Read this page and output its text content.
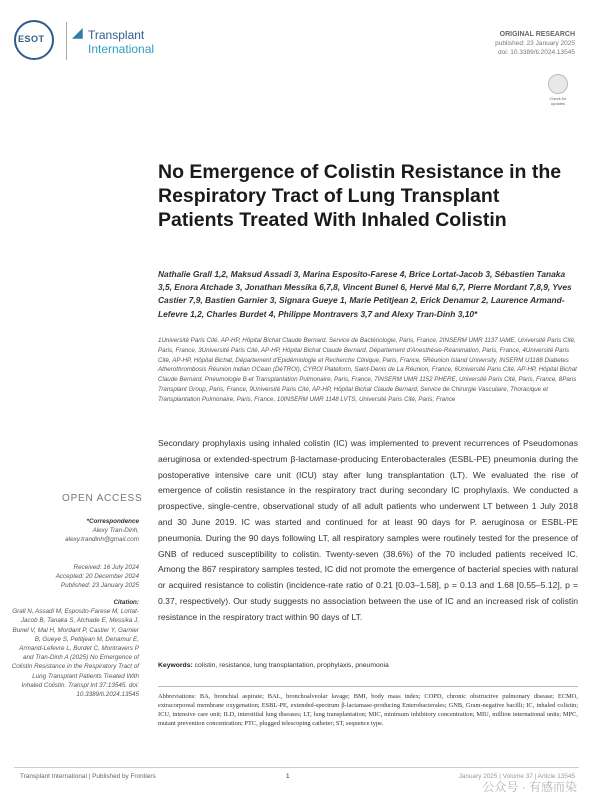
ESOT ◢ Transplant
International
ORIGINAL RESEARCH
published: 23 January 2025
doi: 10.3389/ti.2024.13545
Check for updates
No Emergence of Colistin Resistance in the Respiratory Tract of Lung Transplant Patients Treated With Inhaled Colistin
Nathalie Grall 1,2, Maksud Assadi 3, Marina Esposito-Farese 4, Brice Lortat-Jacob 3, Sébastien Tanaka 3,5, Enora Atchade 3, Jonathan Messika 6,7,8, Vincent Bunel 6, Hervé Mal 6,7, Pierre Mordant 7,8,9, Yves Castier 7,9, Bastien Garnier 3, Signara Gueye 1, Marie Petitjean 2, Erick Denamur 2, Laurence Armand-Lefevre 1,2, Charles Burdet 4, Philippe Montravers 3,7 and Alexy Tran-Dinh 3,10*
1Université Paris Cité, AP-HP, Hôpital Bichat Claude Bernard, Service de Bactériologie, Paris, France, 2INSERM UMR 1137 IAME, Université Paris Cité, Paris, France, 3Université Paris Cité, AP-HP, Hôpital Bichat Claude Bernard, Département d'Anesthésie-Réanimation, Paris, France, 4Université Paris Cité, AP-HP, Hôpital Bichat, Département d'Epidémiologie et Recherche Clinique, Paris, France, 5Réunion Island University, INSERM U1188 Diabetes Atherothrombosis Réunion Indian OCean (DéTROI), CYROI Plateform, Saint-Denis de La Réunion, France, 6Université Paris Cité, AP-HP, Hôpital Bichat Claude Bernard, Pneumologie B et Transplantation Pulmonaire, Paris, France, 7INSERM UMR 1152 PHERE, Université Paris Cité, Paris, France, 8Paris Transplant Group, Paris, France, 9Université Paris Cité, AP-HP, Hôpital Bichat Claude Bernard, Service de Chirurgie Vasculaire, Thoracique et Transplantation Pulmonaire, Paris, France, 10INSERM UMR 1148 LVTS, Université Paris Cité, Paris, France
OPEN ACCESS
*Correspondence
Alexy Tran-Dinh,
alexy.trandinh@gmail.com
Received: 16 July 2024
Accepted: 20 December 2024
Published: 23 January 2025
Citation:
Grall N, Assadi M, Esposito-Farese M, Lortat-Jacob B, Tanaka S, Atchade E, Messika J, Bunel V, Mal H, Mordant P, Castier Y, Garnier B, Gueye S, Petitjean M, Denamur E, Armand-Lefevre L, Burdet C, Montravers P and Tran-Dinh A (2025) No Emergence of Colistin Resistance in the Respiratory Tract of Lung Transplant Patients Treated With Inhaled Colistin. Transpl Int 37:13545. doi: 10.3389/ti.2024.13545
Secondary prophylaxis using inhaled colistin (IC) was implemented to prevent recurrences of Pseudomonas aeruginosa or extended-spectrum β-lactamase-producing Enterobacterales (ESBL-PE) pneumonia during the postoperative intensive care unit (ICU) stay after lung transplantation (LT). We evaluated the rise of emergence of colistin resistance in the respiratory tract during secondary IC prophylaxis. We conducted a prospective, single-centre, observational study of all adult patients who underwent LT between 1 July 2018 and 30 June 2019. IC was started and continued for at least 90 days for P. aeruginosa or ESBL-PE pneumonia. During the 90 days following LT, all respiratory samples were routinely tested for the presence of GNB of reduced susceptibility to colistin. Twenty-seven (38.6%) of the 70 included patients received IC. Among the 867 respiratory samples tested, IC did not promote the emergence of bacterial species with natural or acquired resistance to colistin (incidence-rate ratio of 0.21 [0.03–1.58], p = 0.13 and 1.68 [0.55–5.12], p = 0.37, respectively). Our study suggests no association between the use of IC and an increased risk of colistin resistance in the respiratory tract within 90 days of LT.
Keywords: colistin, resistance, lung transplantation, prophylaxis, pneumonia
Abbreviations: BA, bronchial aspirate; BAL, bronchoalveolar lavage; BMI, body mass index; COPD, chronic obstructive pulmonary disease; ECMO, extracorporeal membrane oxygenation; ESBL-PE, extended-spectrum β-lactamase-producing Enterobacterales; GNB, Gram-negative bacilli; IC, inhaled colistin; ICU, intensive care unit; ILD, interstitial lung diseases; LT, lung transplantation; MIC, minimum inhibitory concentration; MIU, million international units; MPC, mutant prevention concentration; PTC, plugged telescoping catheter; ST, sequence type.
Transplant International | Published by Frontiers	1	January 2025 | Volume 37 | Article 13545
公众号 · 有感而染
